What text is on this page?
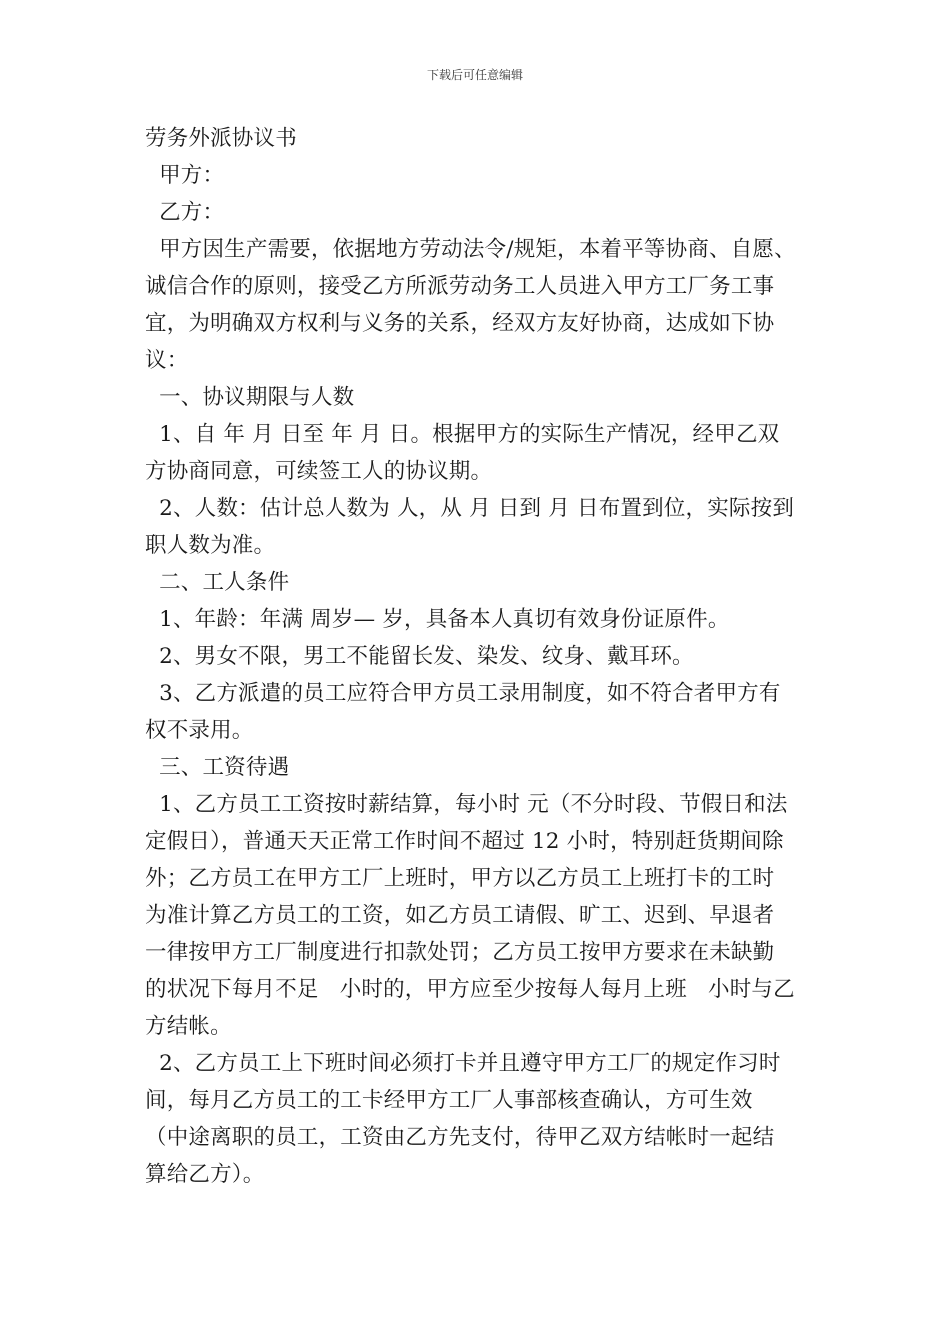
下载后可任意编辑
劳务外派协议书
甲方：
乙方：
甲方因生产需要，依据地方劳动法令/规矩，本着平等协商、自愿、
诚信合作的原则，接受乙方所派劳动务工人员进入甲方工厂务工事
宜，为明确双方权利与义务的关系，经双方友好协商，达成如下协
议：
一、协议期限与人数
1、自 年 月 日至 年 月 日。根据甲方的实际生产情况，经甲乙双
方协商同意，可续签工人的协议期。
2、人数：估计总人数为 人，从 月 日到 月 日布置到位，实际按到
职人数为准。
二、工人条件
1、年龄：年满 周岁— 岁，具备本人真切有效身份证原件。
2、男女不限，男工不能留长发、染发、纹身、戴耳环。
3、乙方派遣的员工应符合甲方员工录用制度，如不符合者甲方有
权不录用。
三、工资待遇
1、乙方员工工资按时薪结算，每小时 元（不分时段、节假日和法
定假日），普通天天正常工作时间不超过 12 小时，特别赶货期间除
外；乙方员工在甲方工厂上班时，甲方以乙方员工上班打卡的工时
为准计算乙方员工的工资，如乙方员工请假、旷工、迟到、早退者
一律按甲方工厂制度进行扣款处罚；乙方员工按甲方要求在未缺勤
的状况下每月不足   小时的，甲方应至少按每人每月上班   小时与乙
方结帐。
2、乙方员工上下班时间必须打卡并且遵守甲方工厂的规定作习时
间，每月乙方员工的工卡经甲方工厂人事部核查确认，方可生效
（中途离职的员工，工资由乙方先支付，待甲乙双方结帐时一起结
算给乙方）。
